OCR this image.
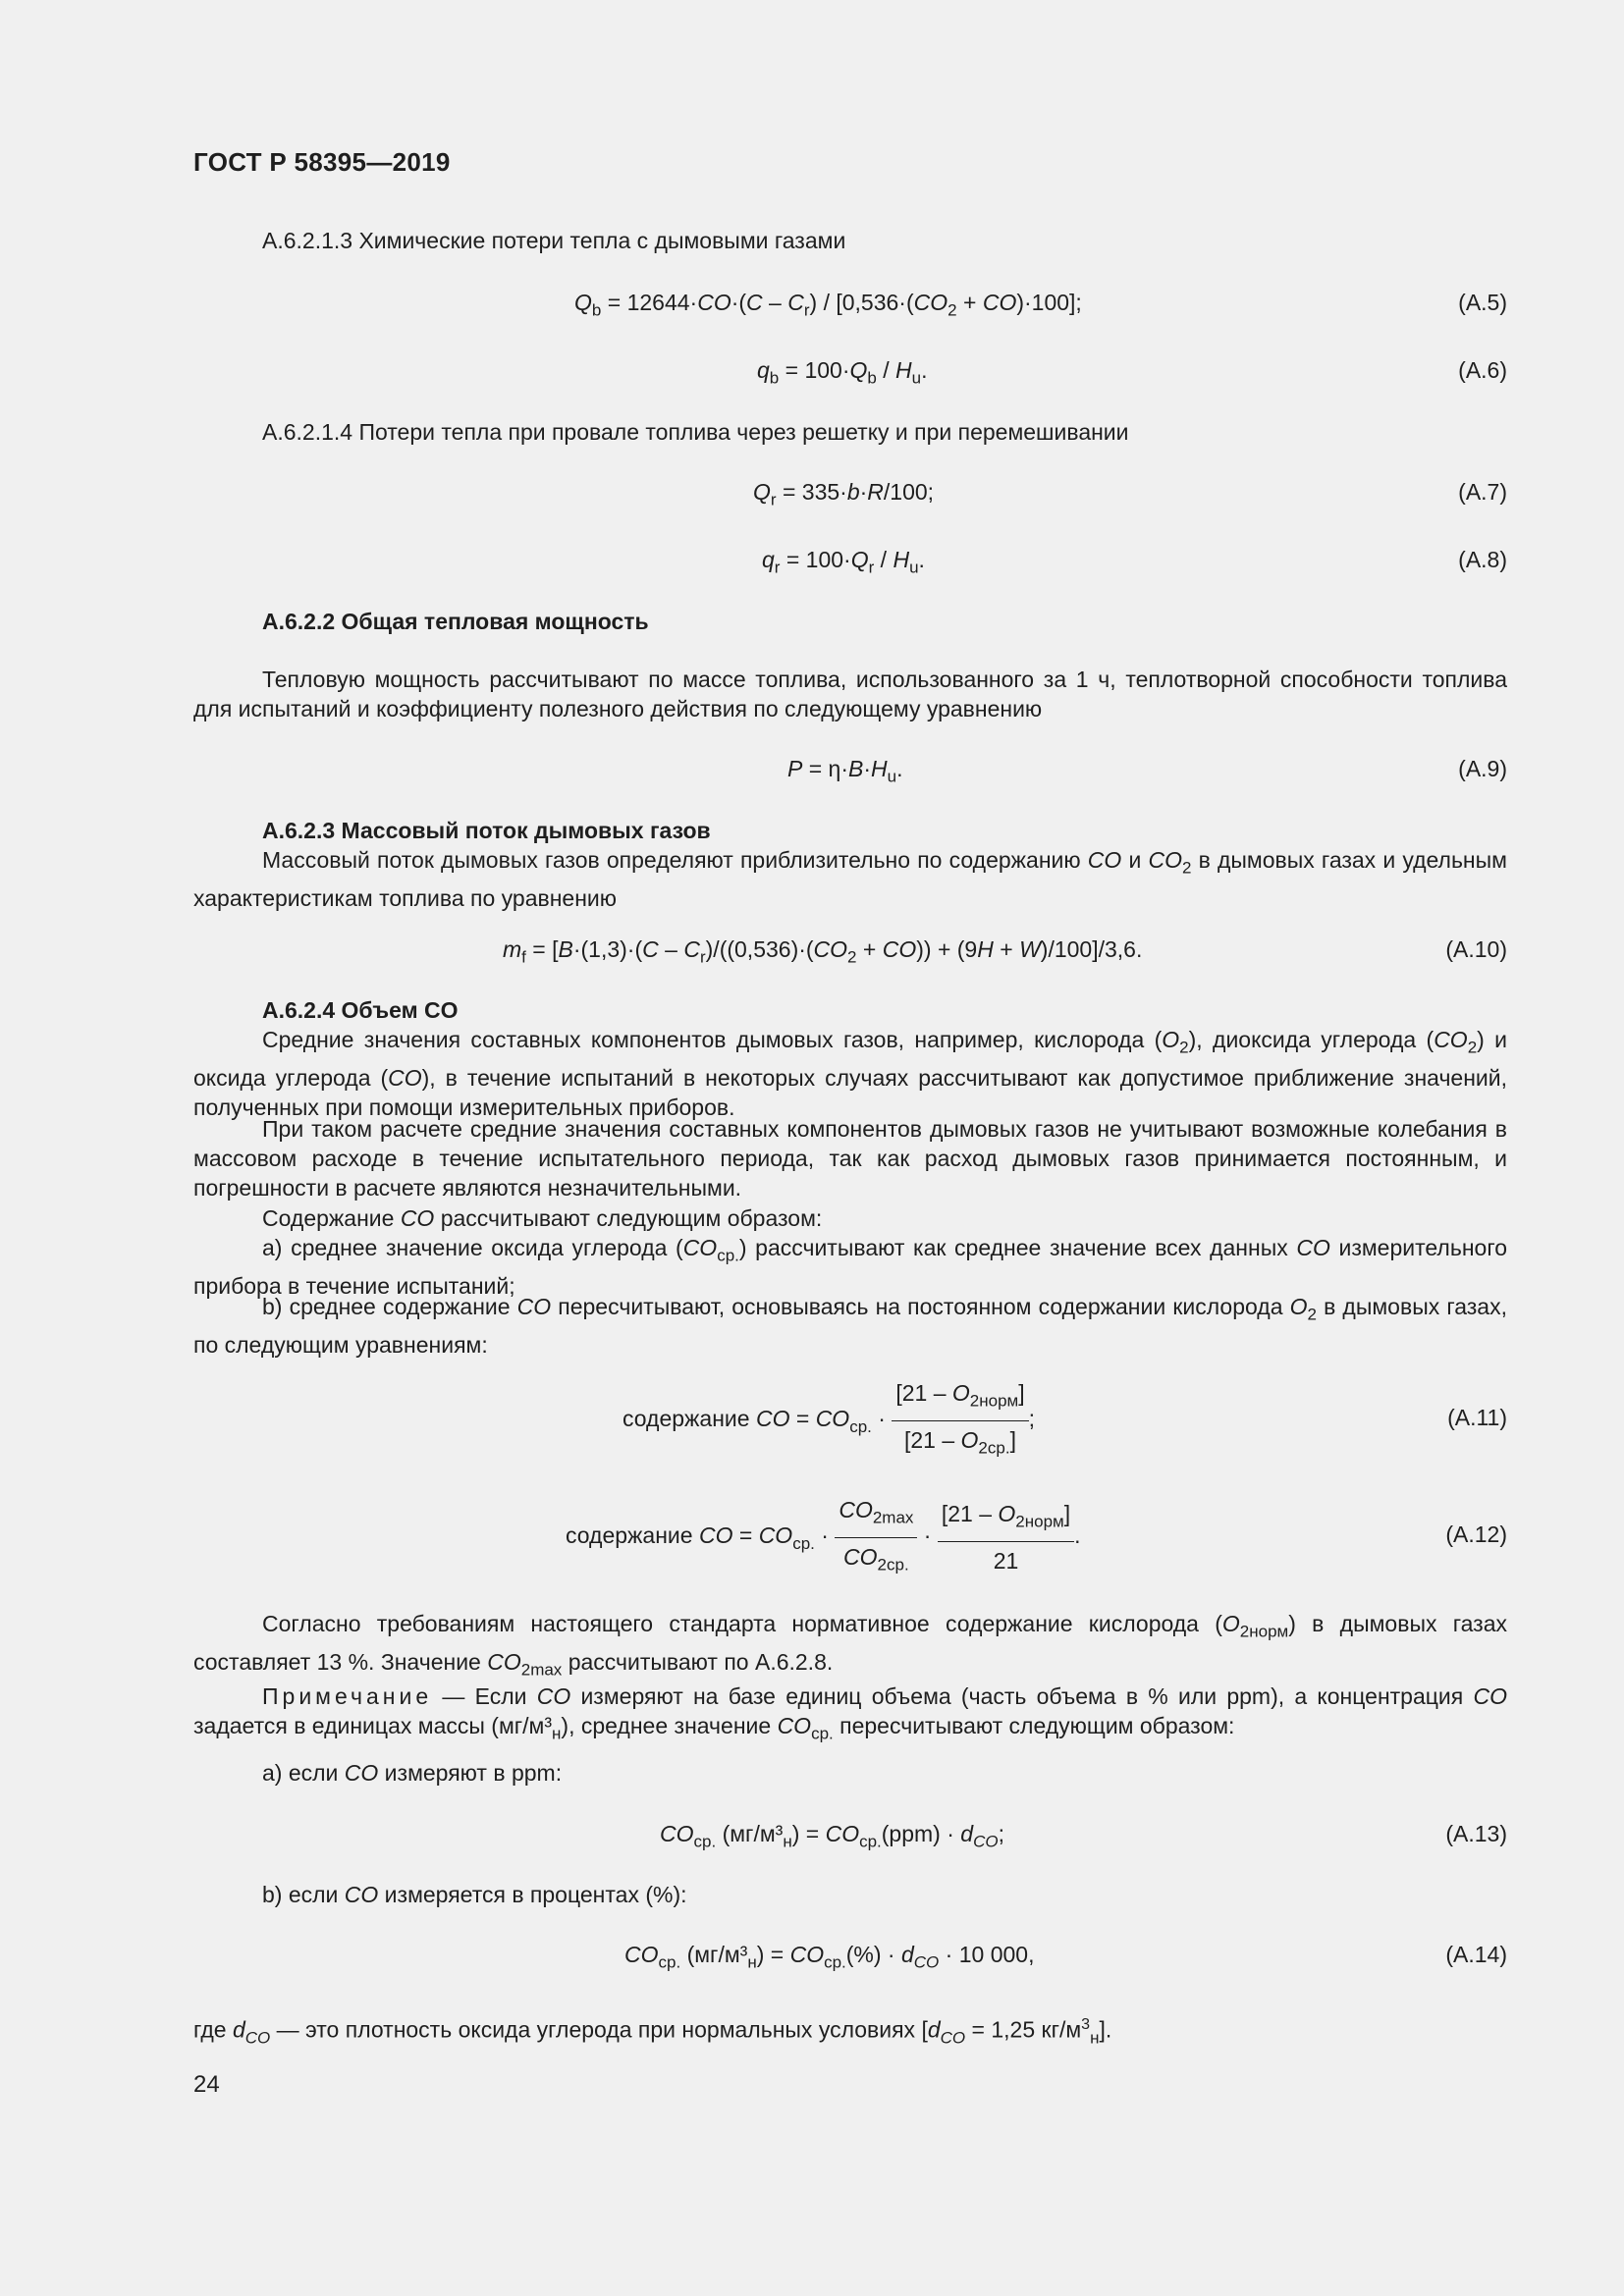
ГОСТ Р 58395—2019
А.6.2.1.3 Химические потери тепла с дымовыми газами
$Q_b = 12644\cdot CO\cdot(C - C_r) / [0,536\cdot(CO_2 + CO)\cdot 100]$;	(А.5)
$q_b = 100\cdot Q_b / H_u$.	(А.6)
А.6.2.1.4 Потери тепла при провале топлива через решетку и при перемешивании
$Q_r = 335\cdot b\cdot R/100$;	(А.7)
$q_r = 100\cdot Q_r / H_u$.	(А.8)
А.6.2.2 Общая тепловая мощность
Тепловую мощность рассчитывают по массе топлива, использованного за 1 ч, теплотворной способности топлива для испытаний и коэффициенту полезного действия по следующему уравнению
$P = \eta\cdot B\cdot H_u$.	(А.9)
А.6.2.3 Массовый поток дымовых газов
Массовый поток дымовых газов определяют приблизительно по содержанию CO и $CO_2$ в дымовых газах и удельным характеристикам топлива по уравнению
$m_f = [B\cdot(1,3)\cdot(C - C_r)/((0,536)\cdot(CO_2 + CO)) + (9H + W)/100]/3,6$.	(А.10)
А.6.2.4 Объем CO
Средние значения составных компонентов дымовых газов, например, кислорода $(O_2)$, диоксида углерода $(CO_2)$ и оксида углерода (CO), в течение испытаний в некоторых случаях рассчитывают как допустимое приближение значений, полученных при помощи измерительных приборов.
При таком расчете средние значения составных компонентов дымовых газов не учитывают возможные колебания в массовом расходе в течение испытательного периода, так как расход дымовых газов принимается постоянным, и погрешности в расчете являются незначительными.
Содержание CO рассчитывают следующим образом:
a) среднее значение оксида углерода $(CO_{ср.})$ рассчитывают как среднее значение всех данных CO измерительного прибора в течение испытаний;
b) среднее содержание CO пересчитывают, основываясь на постоянном содержании кислорода $O_2$ в дымовых газах, по следующим уравнениям:
содержание CO = $CO_{ср.} \cdot \frac{[21 - O_{2норм}]}{[21 - O_{2ср.}]}$ ;	(А.11)
содержание CO = $CO_{ср.} \cdot \frac{CO_{2max}}{CO_{2ср.}} \cdot \frac{[21 - O_{2норм}]}{21}$ .	(А.12)
Согласно требованиям настоящего стандарта нормативное содержание кислорода $(O_{2норм})$ в дымовых газах составляет 13 %. Значение $CO_{2max}$ рассчитывают по А.6.2.8.
Примечание — Если CO измеряют на базе единиц объема (часть объема в % или ppm), а концентрация CO задается в единицах массы $(мг/м^3_н)$, среднее значение $CO_{ср.}$ пересчитывают следующим образом:
a) если CO измеряют в ppm:
$CO_{ср.}$ $(мг/м^3_н) = CO_{ср.}(ppm) \cdot d_{CO}$;	(А.13)
b) если CO измеряется в процентах (%):
$CO_{ср.}$ $(мг/м^3_н) = CO_{ср.}(\%) \cdot d_{CO} \cdot 10$ 000,	(А.14)
где $d_{CO}$ — это плотность оксида углерода при нормальных условиях [$d_{CO} = 1,25$ $кг/м^3_н$].
24
